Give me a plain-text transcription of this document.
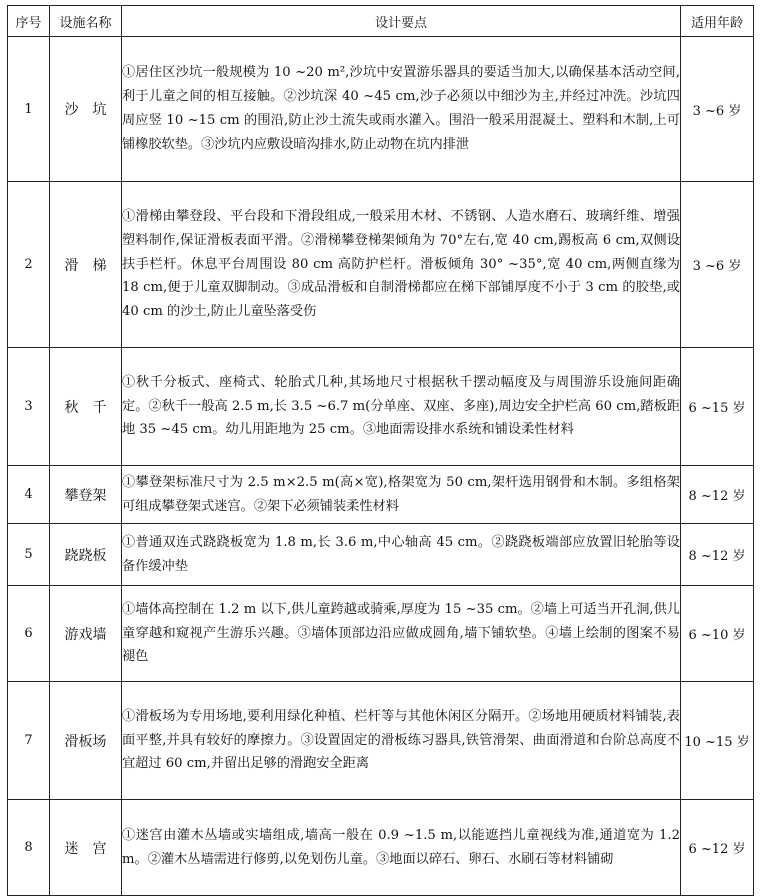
序号	设施名称	设计要点	适用年龄
1	沙坑	①居住区沙坑一般规模为 10 ~20 m²,沙坑中安置游乐器具的要适当加大,以确保基本活动空间,利于儿童之间的相互接触。②沙坑深 40 ~45 cm,沙子必须以中细沙为主,并经过冲洗。沙坑四周应竖 10 ~15 cm 的围沿,防止沙土流失或雨水灌入。围沿一般采用混凝土、塑料和木制,上可铺橡胶软垫。③沙坑内应敷设暗沟排水,防止动物在坑内排泄	3 ~6 岁
2	滑梯	①滑梯由攀登段、平台段和下滑段组成,一般采用木材、不锈钢、人造水磨石、玻璃纤维、增强塑料制作,保证滑板表面平滑。②滑梯攀登梯架倾角为 70°左右,宽 40 cm,踢板高 6 cm,双侧设扶手栏杆。休息平台周围设 80 cm 高防护栏杆。滑板倾角 30° ~35°,宽 40 cm,两侧直缘为 18 cm,便于儿童双脚制动。③成品滑板和自制滑梯都应在梯下部铺厚度不小于 3 cm 的胶垫,或 40 cm 的沙土,防止儿童坠落受伤	3 ~6 岁
3	秋千	①秋千分板式、座椅式、轮胎式几种,其场地尺寸根据秋千摆动幅度及与周围游乐设施间距确定。②秋千一般高 2.5 m,长 3.5 ~6.7 m(分单座、双座、多座),周边安全护栏高 60 cm,踏板距地 35 ~45 cm。幼儿用距地为 25 cm。③地面需设排水系统和铺设柔性材料	6 ~15 岁
4	攀登架	①攀登架标准尺寸为 2.5 m×2.5 m(高×宽),格架宽为 50 cm,架杆选用钢骨和木制。多组格架可组成攀登架式迷宫。②架下必须铺装柔性材料	8 ~12 岁
5	跷跷板	①普通双连式跷跷板宽为 1.8 m,长 3.6 m,中心轴高 45 cm。②跷跷板端部应放置旧轮胎等设备作缓冲垫	8 ~12 岁
6	游戏墙	①墙体高控制在 1.2 m 以下,供儿童跨越或骑乘,厚度为 15 ~35 cm。②墙上可适当开孔洞,供儿童穿越和窥视产生游乐兴趣。③墙体顶部边沿应做成圆角,墙下铺软垫。④墙上绘制的图案不易褪色	6 ~10 岁
7	滑板场	①滑板场为专用场地,要利用绿化种植、栏杆等与其他休闲区分隔开。②场地用硬质材料铺装,表面平整,并具有较好的摩擦力。③设置固定的滑板练习器具,铁管滑架、曲面滑道和台阶总高度不宜超过 60 cm,并留出足够的滑跑安全距离	10 ~15 岁
8	迷宫	①迷宫由灌木丛墙或实墙组成,墙高一般在 0.9 ~1.5 m,以能遮挡儿童视线为准,通道宽为 1.2 m。②灌木丛墙需进行修剪,以免划伤儿童。③地面以碎石、卵石、水刷石等材料铺砌	6 ~12 岁
